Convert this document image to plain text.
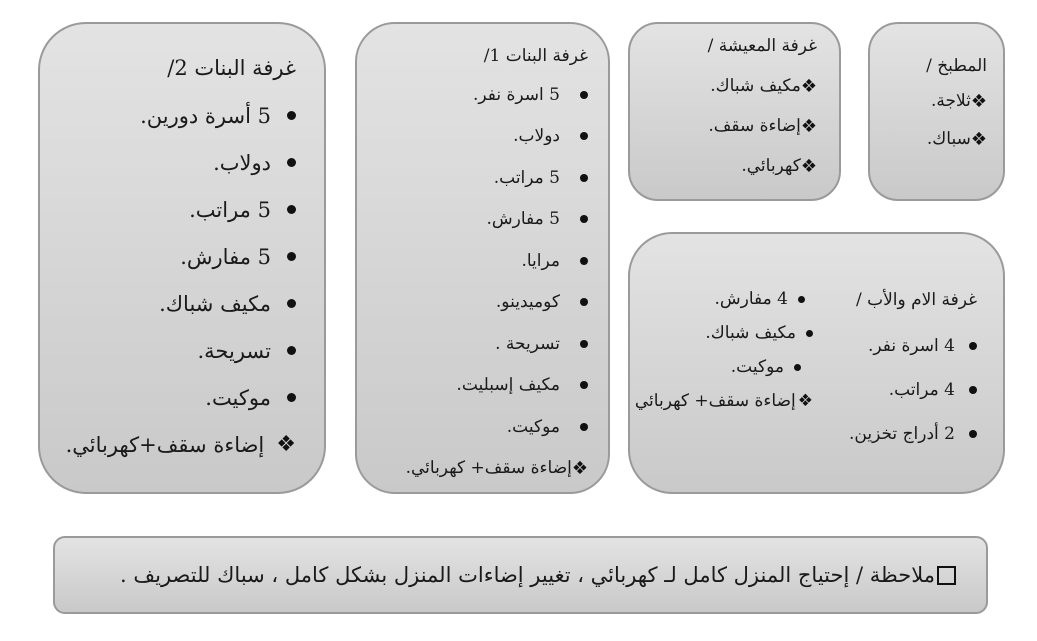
غرفة البنات 2/
5 أسرة دورين.
دولاب.
5 مراتب.
5 مفارش.
مكيف شباك.
تسريحة.
موكيت.
❖
إضاءة سقف+كهربائي.
غرفة البنات 1/
5 اسرة نفر.
دولاب.
5 مراتب.
5 مفارش.
مرايا.
كوميدينو.
تسريحة .
مكيف إسبليت.
موكيت.
❖
إضاءة سقف+ كهربائي.
غرفة المعيشة /
❖
مكيف شباك.
❖
إضاءة سقف.
❖
كهربائي.
المطبخ /
❖
ثلاجة.
❖
سباك.
غرفة الام والأب /
4 اسرة نفر.
4 مراتب.
2 أدراج تخزين.
4 مفارش.
مكيف شباك.
موكيت.
❖
إضاءة سقف+ كهربائي
ملاحظة / إحتياج المنزل كامل لـ كهربائي ، تغيير إضاءات المنزل بشكل كامل ، سباك للتصريف .
